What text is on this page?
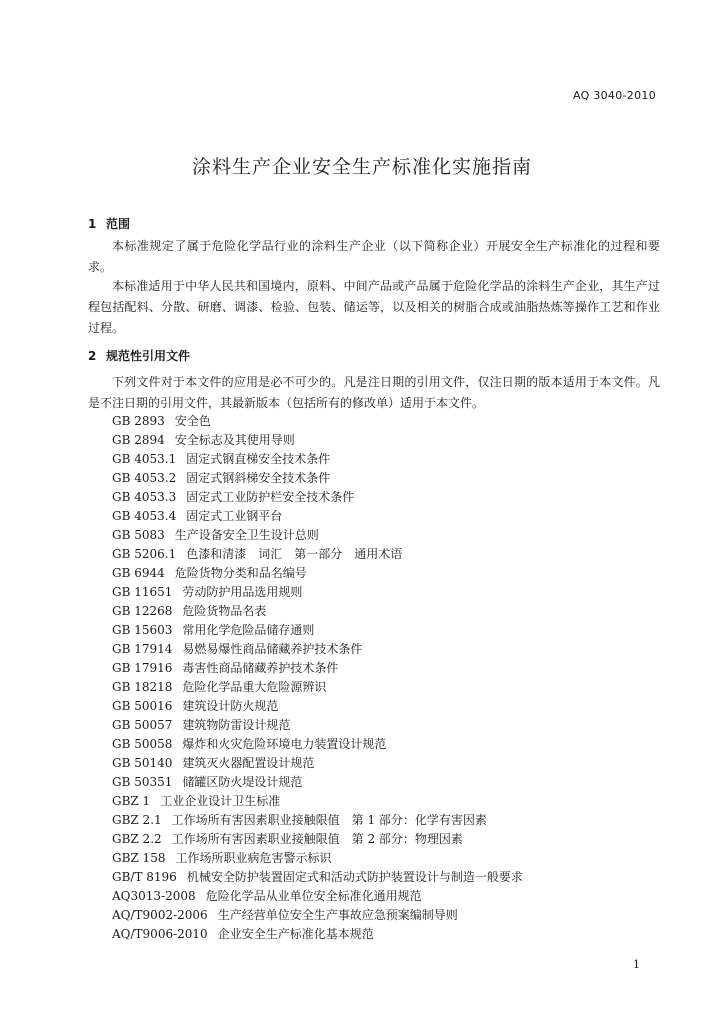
AQ 3040-2010
涂料生产企业安全生产标准化实施指南
1 范围
本标准规定了属于危险化学品行业的涂料生产企业（以下简称企业）开展安全生产标准化的过程和要求。
本标准适用于中华人民共和国境内，原料、中间产品或产品属于危险化学品的涂料生产企业，其生产过程包括配料、分散、研磨、调漆、检验、包装、储运等，以及相关的树脂合成或油脂热炼等操作工艺和作业过程。
2 规范性引用文件
下列文件对于本文件的应用是必不可少的。凡是注日期的引用文件，仅注日期的版本适用于本文件。凡是不注日期的引用文件，其最新版本（包括所有的修改单）适用于本文件。
GB 2893 安全色
GB 2894 安全标志及其使用导则
GB 4053.1 固定式钢直梯安全技术条件
GB 4053.2 固定式钢斜梯安全技术条件
GB 4053.3 固定式工业防护栏安全技术条件
GB 4053.4 固定式工业钢平台
GB 5083 生产设备安全卫生设计总则
GB 5206.1 色漆和清漆　词汇　第一部分　通用术语
GB 6944 危险货物分类和品名编号
GB 11651 劳动防护用品选用规则
GB 12268 危险货物品名表
GB 15603 常用化学危险品储存通则
GB 17914 易燃易爆性商品储藏养护技术条件
GB 17916 毒害性商品储藏养护技术条件
GB 18218 危险化学品重大危险源辨识
GB 50016 建筑设计防火规范
GB 50057 建筑物防雷设计规范
GB 50058 爆炸和火灾危险环境电力装置设计规范
GB 50140 建筑灭火器配置设计规范
GB 50351 储罐区防火堤设计规范
GBZ 1 工业企业设计卫生标准
GBZ 2.1 工作场所有害因素职业接触限值　第 1 部分：化学有害因素
GBZ 2.2 工作场所有害因素职业接触限值　第 2 部分：物理因素
GBZ 158 工作场所职业病危害警示标识
GB/T 8196 机械安全防护装置固定式和活动式防护装置设计与制造一般要求
AQ3013-2008 危险化学品从业单位安全标准化通用规范
AQ/T9002-2006 生产经营单位安全生产事故应急预案编制导则
AQ/T9006-2010 企业安全生产标准化基本规范
1
